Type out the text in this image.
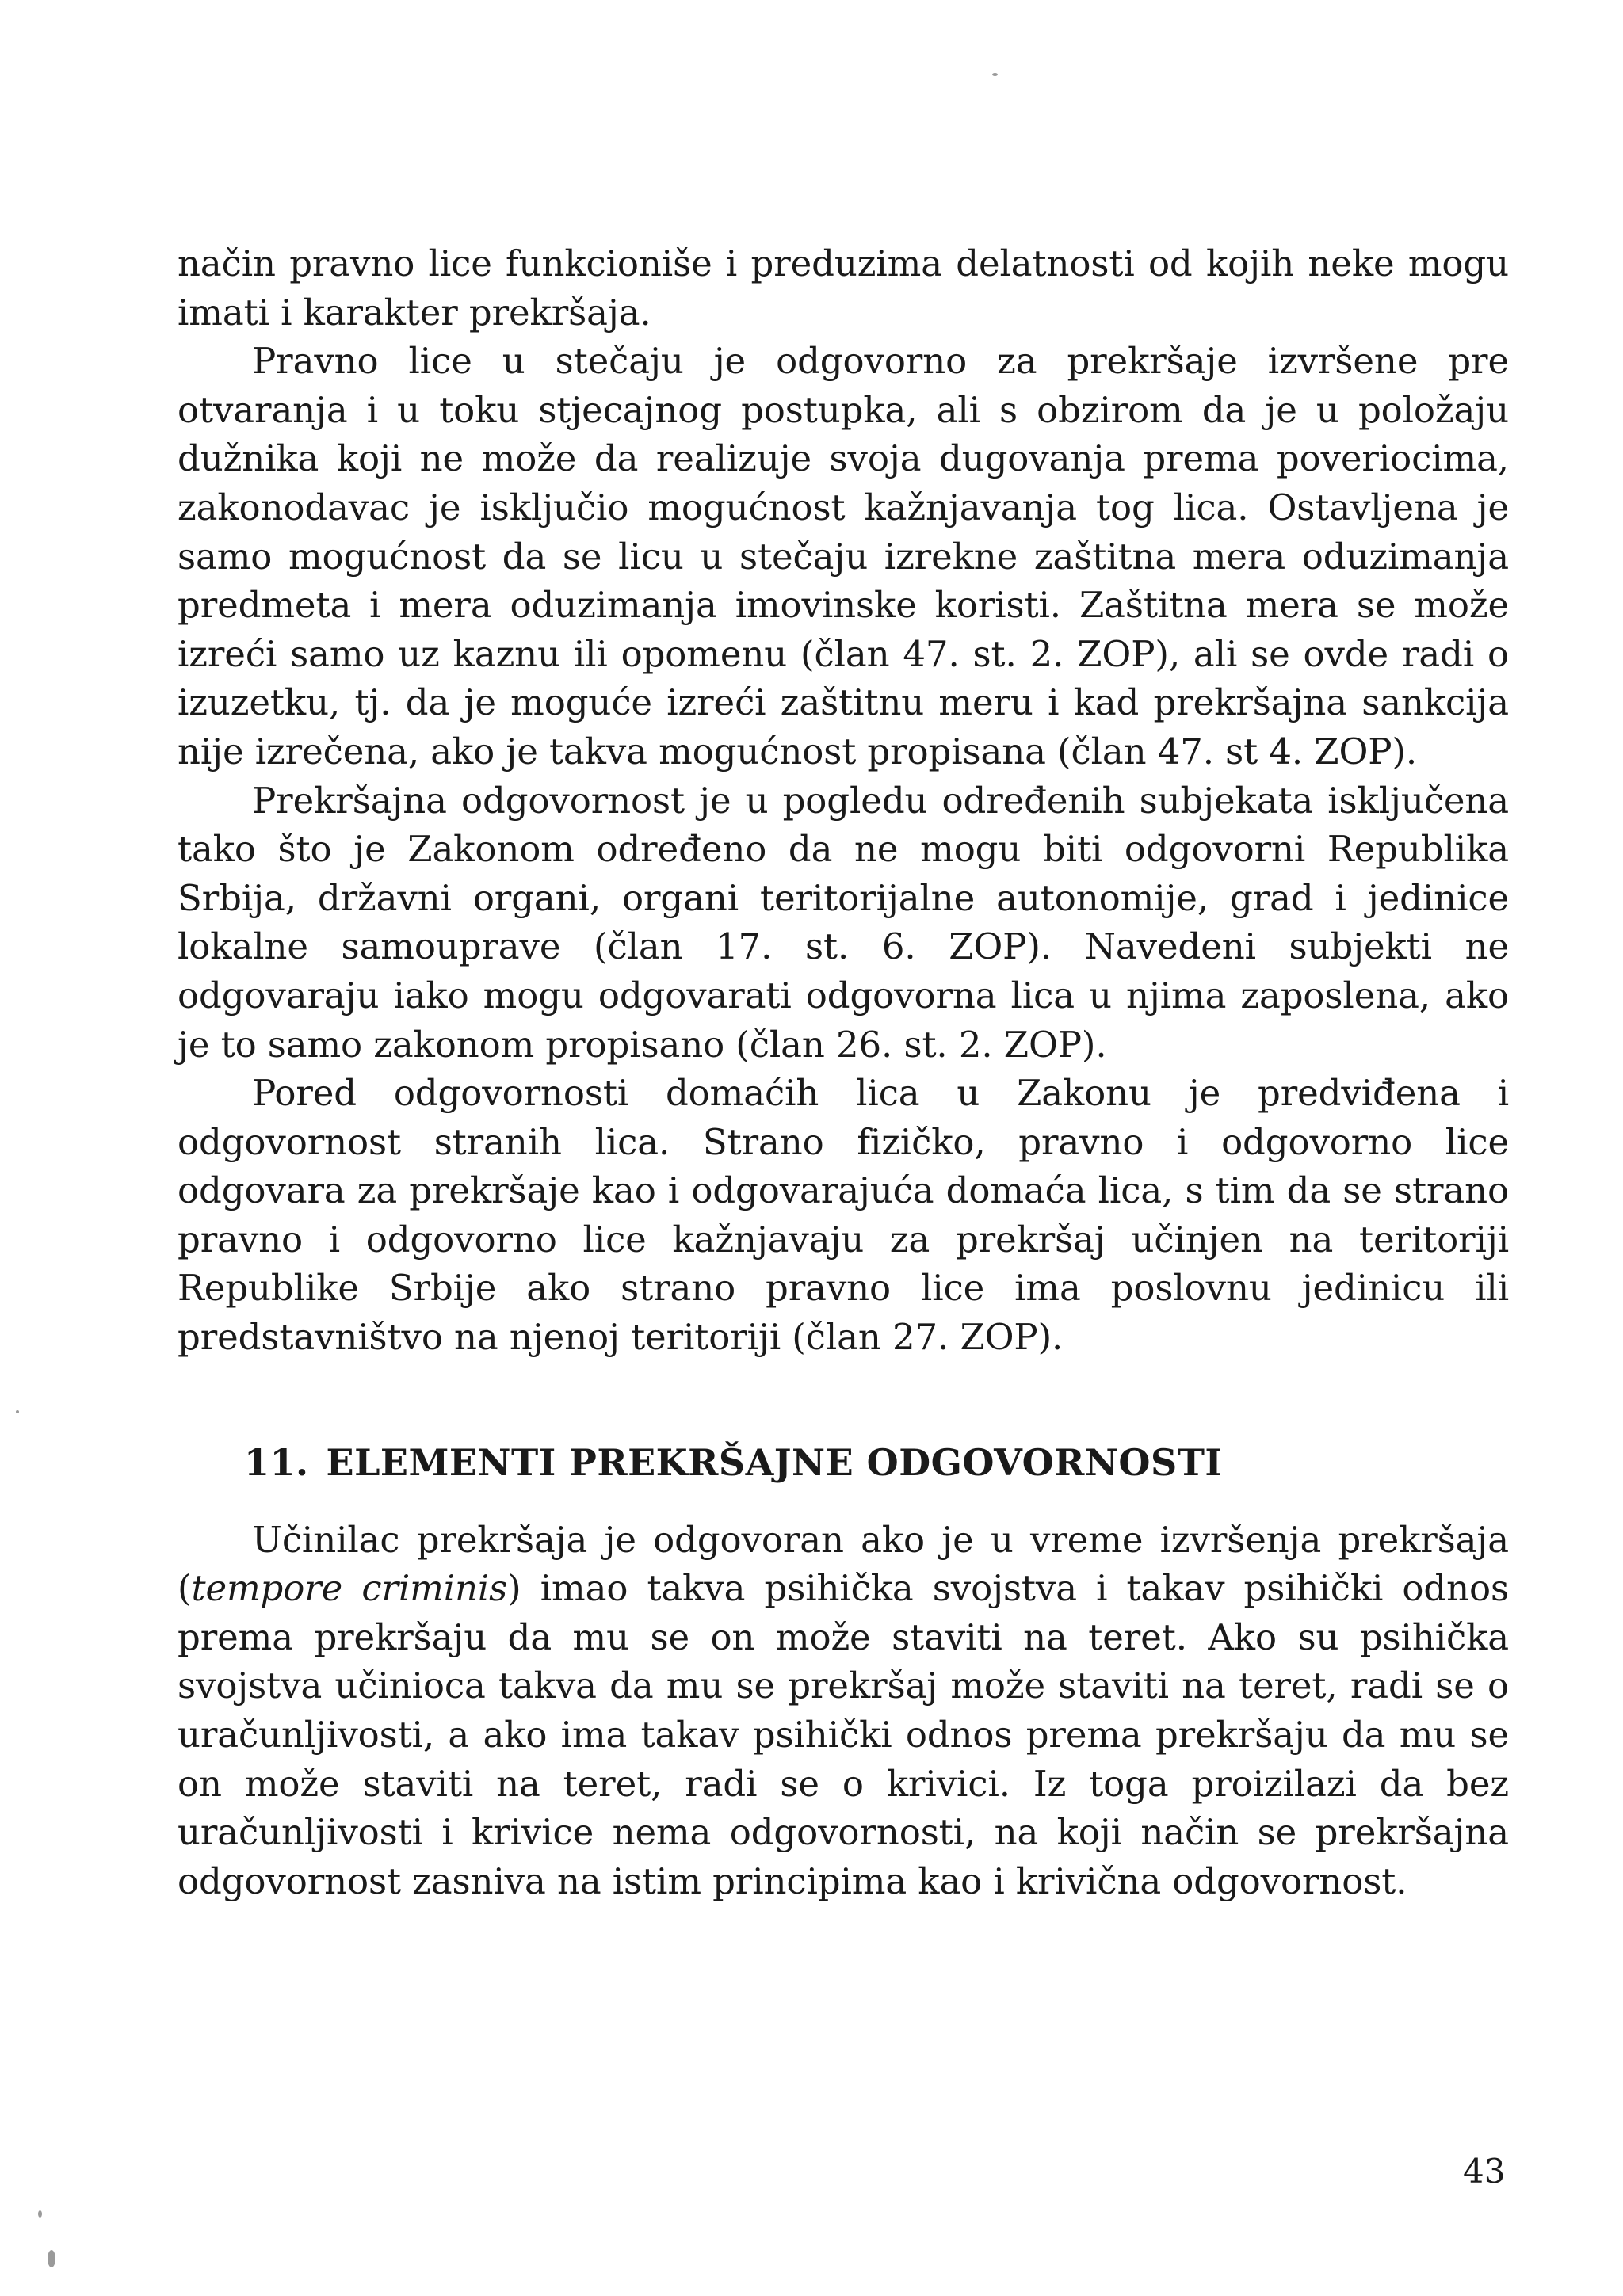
način pravno lice funkcioniše i preduzima delatnosti od kojih neke mogu imati i karakter prekršaja.

Pravno lice u stečaju je odgovorno za prekršaje izvršene pre otvaranja i u toku stjecajnog postupka, ali s obzirom da je u položaju dužnika koji ne može da realizuje svoja dugovanja prema poveriocima, zakonodavac je isključio mogućnost kažnjavanja tog lica. Ostavljena je samo mogućnost da se licu u stečaju izrekne zaštitna mera oduzimanja predmeta i mera oduzimanja imovinske koristi. Zaštitna mera se može izreći samo uz kaznu ili opomenu (član 47. st. 2. ZOP), ali se ovde radi o izuzetku, tj. da je moguće izreći zaštitnu meru i kad prekršajna sankcija nije izrečena, ako je takva mogućnost propisana (član 47. st 4. ZOP).

Prekršajna odgovornost je u pogledu određenih subjekata isključena tako što je Zakonom određeno da ne mogu biti odgovorni Republika Srbija, državni organi, organi teritorijalne autonomije, grad i jedinice lokalne samouprave (član 17. st. 6. ZOP). Navedeni subjekti ne odgovaraju iako mogu odgovarati odgovorna lica u njima zaposlena, ako je to samo zakonom propisano (član 26. st. 2. ZOP).

Pored odgovornosti domaćih lica u Zakonu je predviđena i odgovornost stranih lica. Strano fizičko, pravno i odgovorno lice odgovara za prekršaje kao i odgovarajuća domaća lica, s tim da se strano pravno i odgovorno lice kažnjavaju za prekršaj učinjen na teritoriji Republike Srbije ako strano pravno lice ima poslovnu jedinicu ili predstavništvo na njenoj teritoriji (član 27. ZOP).

11. ELEMENTI PREKRŠAJNE ODGOVORNOSTI

Učinilac prekršaja je odgovoran ako je u vreme izvršenja prekršaja (tempore criminis) imao takva psihička svojstva i takav psihički odnos prema prekršaju da mu se on može staviti na teret. Ako su psihička svojstva učinioca takva da mu se prekršaj može staviti na teret, radi se o uračunljivosti, a ako ima takav psihički odnos prema prekršaju da mu se on može staviti na teret, radi se o krivici. Iz toga proizilazi da bez uračunljivosti i krivice nema odgovornosti, na koji način se prekršajna odgovornost zasniva na istim principima kao i krivična odgovornost.

43
